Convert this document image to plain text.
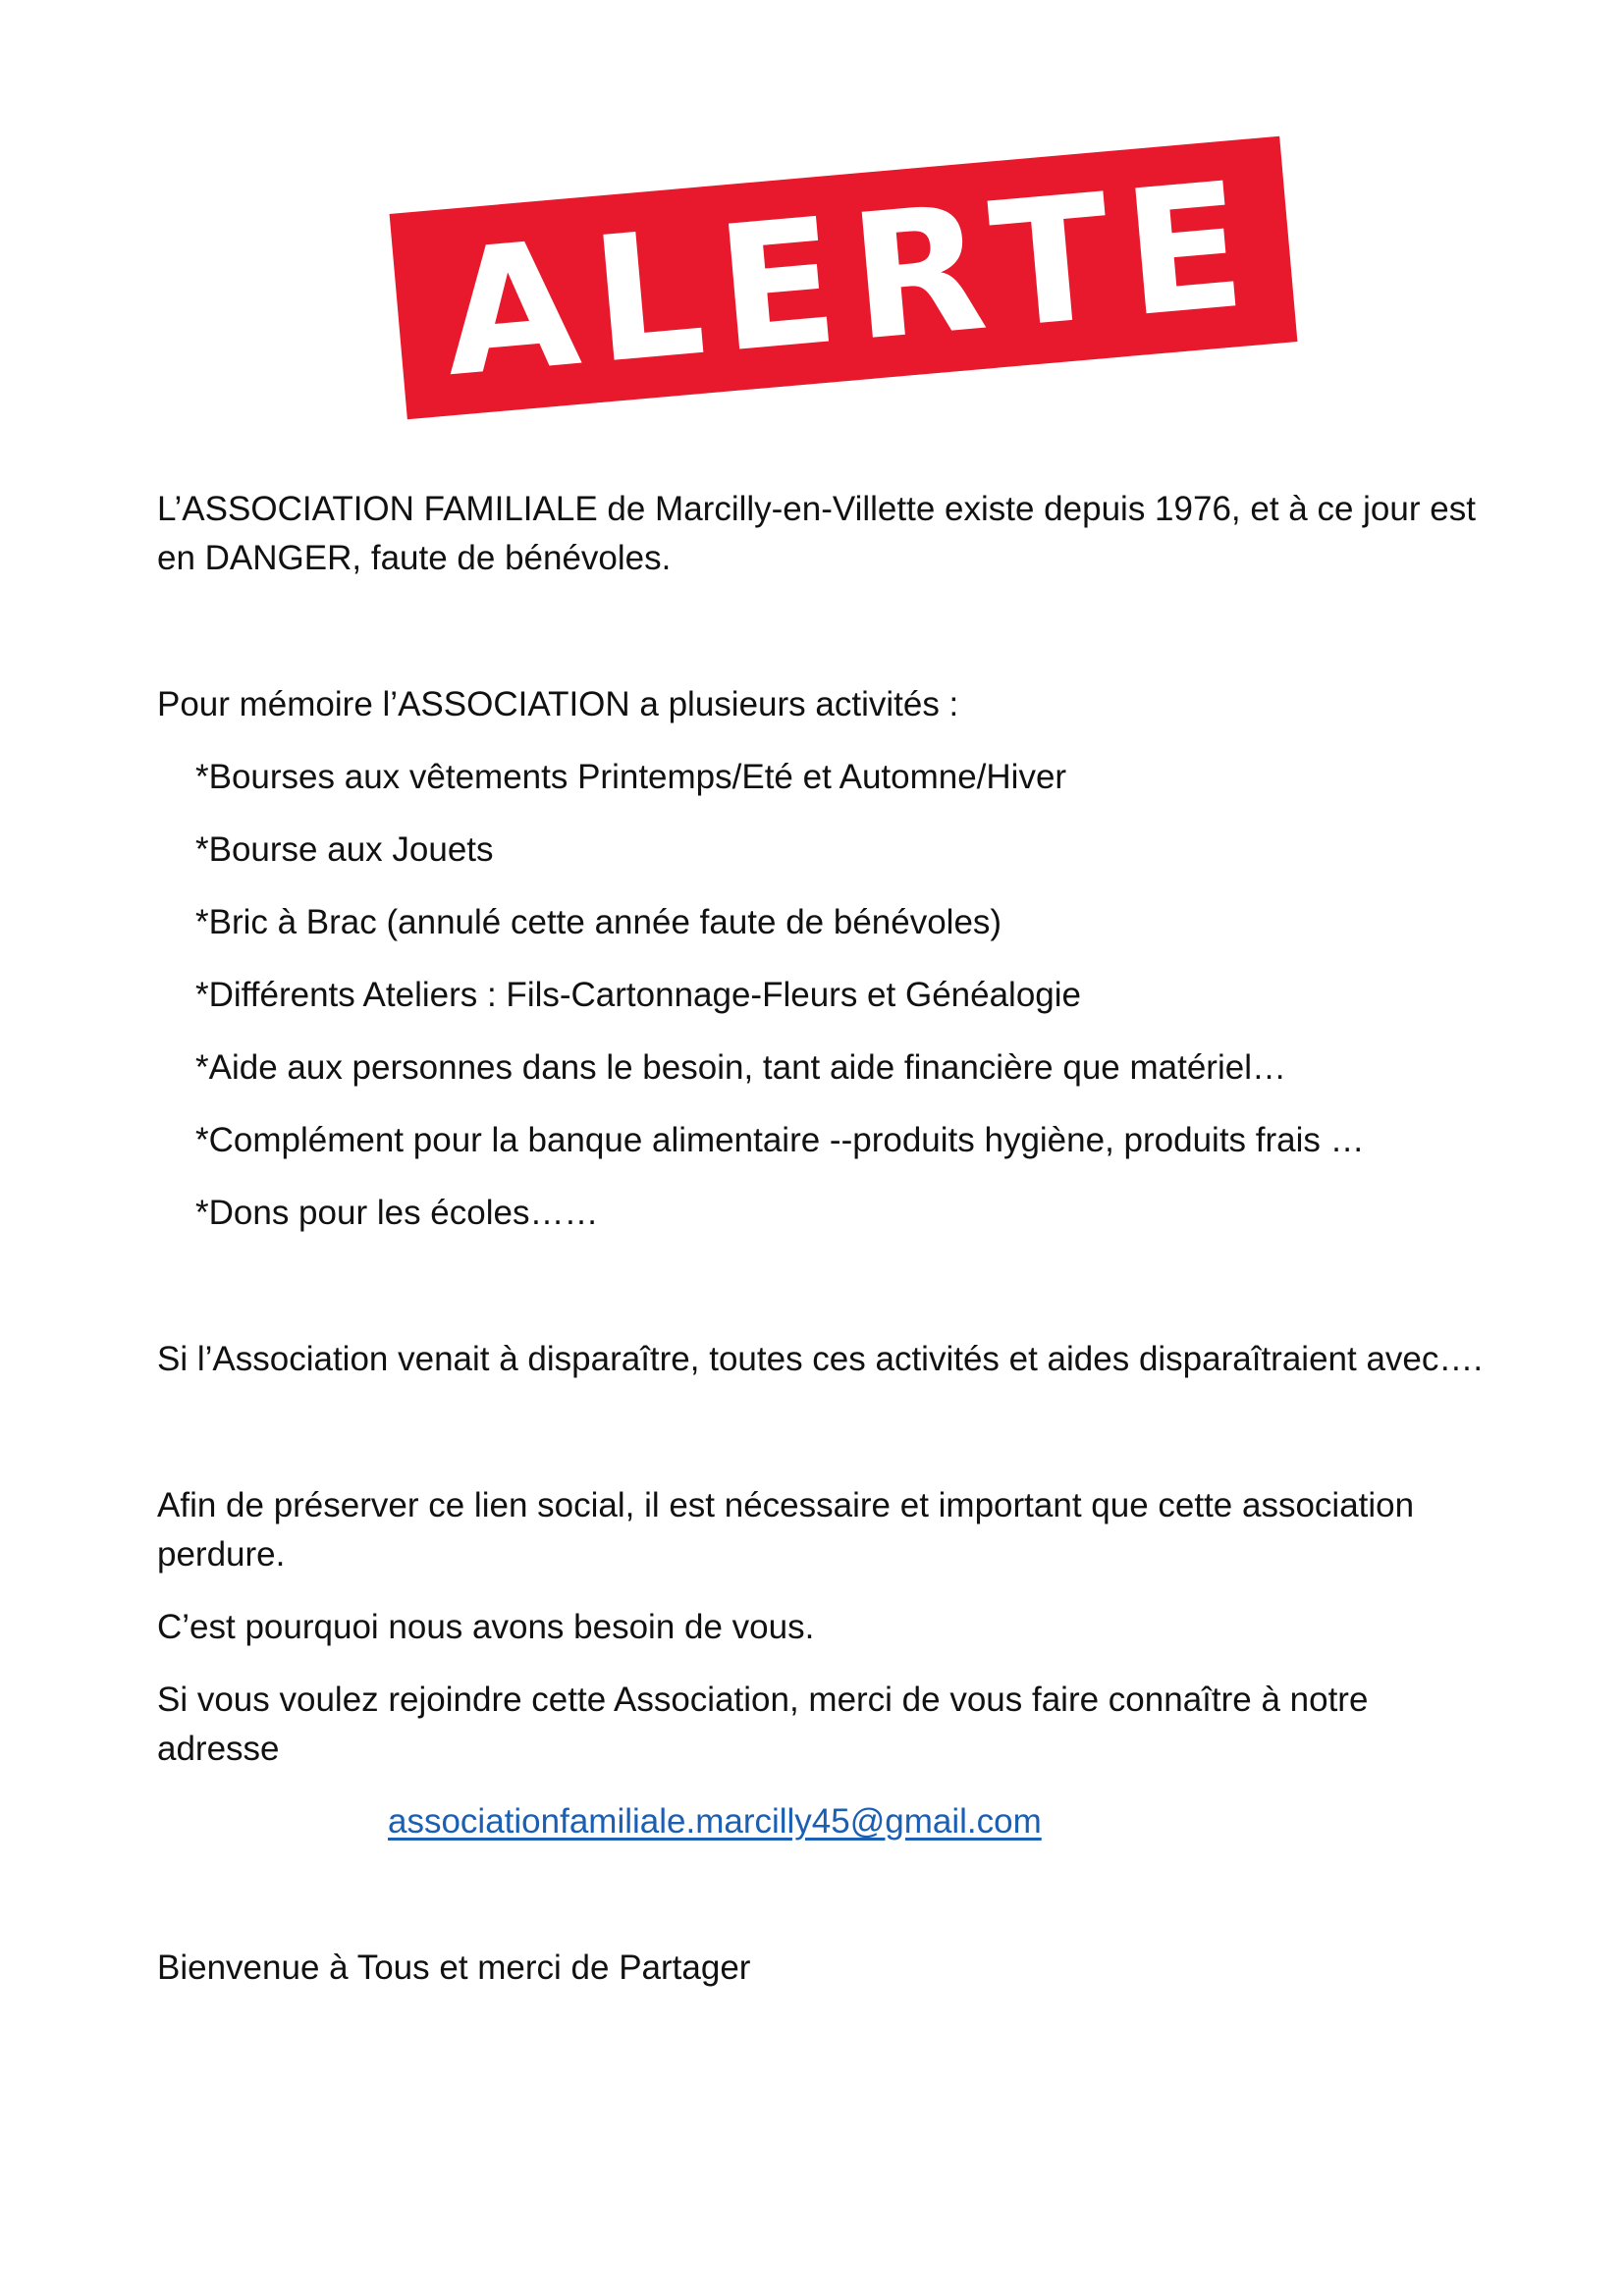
ALERTE

L’ASSOCIATION FAMILIALE de Marcilly-en-Villette existe depuis 1976, et à ce jour est

en DANGER, faute de bénévoles.

Pour mémoire l’ASSOCIATION a plusieurs activités :

*Bourses aux vêtements Printemps/Eté et Automne/Hiver

*Bourse aux Jouets

*Bric à Brac (annulé cette année faute de bénévoles)

*Différents Ateliers : Fils-Cartonnage-Fleurs et Généalogie

*Aide aux personnes dans le besoin, tant aide financière que matériel…

*Complément pour la banque alimentaire --produits hygiène, produits frais …

*Dons pour les écoles……

Si l’Association venait à disparaître, toutes ces activités et aides disparaîtraient avec….

Afin de préserver ce lien social, il est nécessaire et important que cette association

perdure.

C’est pourquoi nous avons besoin de vous.

Si vous voulez rejoindre cette Association, merci de vous faire connaître à notre

adresse

associationfamiliale.marcilly45@gmail.com

Bienvenue à Tous et merci de Partager
